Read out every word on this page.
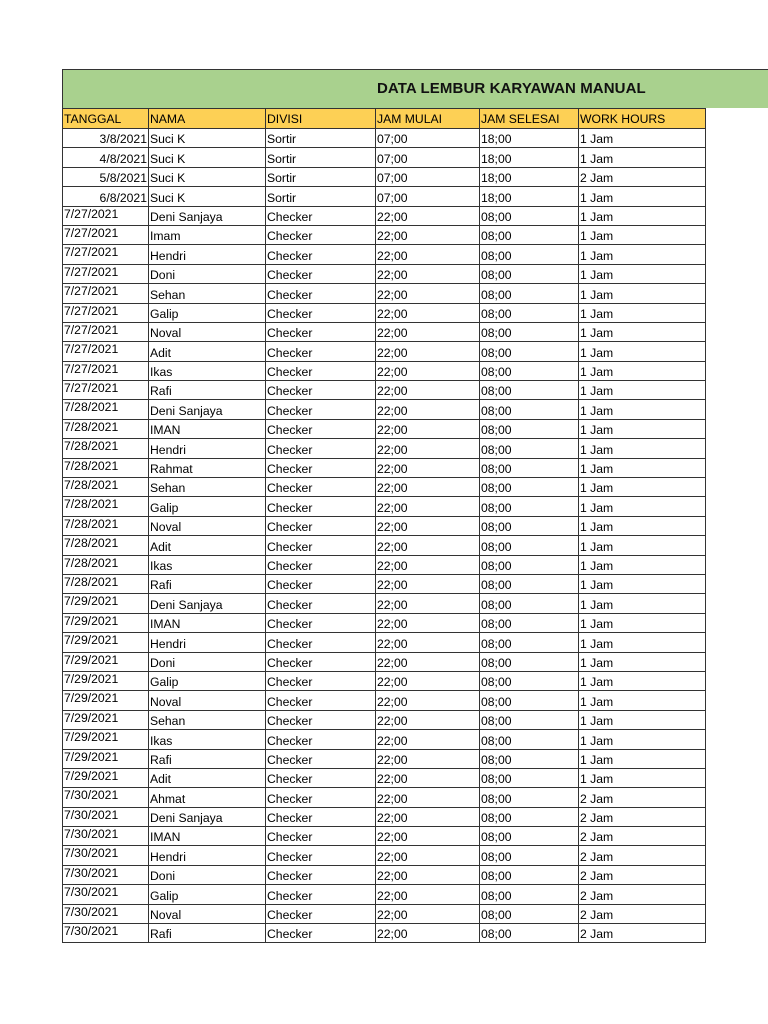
DATA LEMBUR KARYAWAN MANUAL
TANGGAL	NAMA	DIVISI	JAM MULAI	JAM SELESAI	WORK HOURS
3/8/2021	Suci K	Sortir	07;00	18;00	1 Jam
4/8/2021	Suci K	Sortir	07;00	18;00	1 Jam
5/8/2021	Suci K	Sortir	07;00	18;00	2 Jam
6/8/2021	Suci K	Sortir	07;00	18;00	1 Jam
7/27/2021	Deni Sanjaya	Checker	22;00	08;00	1 Jam
7/27/2021	Imam	Checker	22;00	08;00	1 Jam
7/27/2021	Hendri	Checker	22;00	08;00	1 Jam
7/27/2021	Doni	Checker	22;00	08;00	1 Jam
7/27/2021	Sehan	Checker	22;00	08;00	1 Jam
7/27/2021	Galip	Checker	22;00	08;00	1 Jam
7/27/2021	Noval	Checker	22;00	08;00	1 Jam
7/27/2021	Adit	Checker	22;00	08;00	1 Jam
7/27/2021	Ikas	Checker	22;00	08;00	1 Jam
7/27/2021	Rafi	Checker	22;00	08;00	1 Jam
7/28/2021	Deni Sanjaya	Checker	22;00	08;00	1 Jam
7/28/2021	IMAN	Checker	22;00	08;00	1 Jam
7/28/2021	Hendri	Checker	22;00	08;00	1 Jam
7/28/2021	Rahmat	Checker	22;00	08;00	1 Jam
7/28/2021	Sehan	Checker	22;00	08;00	1 Jam
7/28/2021	Galip	Checker	22;00	08;00	1 Jam
7/28/2021	Noval	Checker	22;00	08;00	1 Jam
7/28/2021	Adit	Checker	22;00	08;00	1 Jam
7/28/2021	Ikas	Checker	22;00	08;00	1 Jam
7/28/2021	Rafi	Checker	22;00	08;00	1 Jam
7/29/2021	Deni Sanjaya	Checker	22;00	08;00	1 Jam
7/29/2021	IMAN	Checker	22;00	08;00	1 Jam
7/29/2021	Hendri	Checker	22;00	08;00	1 Jam
7/29/2021	Doni	Checker	22;00	08;00	1 Jam
7/29/2021	Galip	Checker	22;00	08;00	1 Jam
7/29/2021	Noval	Checker	22;00	08;00	1 Jam
7/29/2021	Sehan	Checker	22;00	08;00	1 Jam
7/29/2021	Ikas	Checker	22;00	08;00	1 Jam
7/29/2021	Rafi	Checker	22;00	08;00	1 Jam
7/29/2021	Adit	Checker	22;00	08;00	1 Jam
7/30/2021	Ahmat	Checker	22;00	08;00	2 Jam
7/30/2021	Deni Sanjaya	Checker	22;00	08;00	2 Jam
7/30/2021	IMAN	Checker	22;00	08;00	2 Jam
7/30/2021	Hendri	Checker	22;00	08;00	2 Jam
7/30/2021	Doni	Checker	22;00	08;00	2 Jam
7/30/2021	Galip	Checker	22;00	08;00	2 Jam
7/30/2021	Noval	Checker	22;00	08;00	2 Jam
7/30/2021	Rafi	Checker	22;00	08;00	2 Jam
